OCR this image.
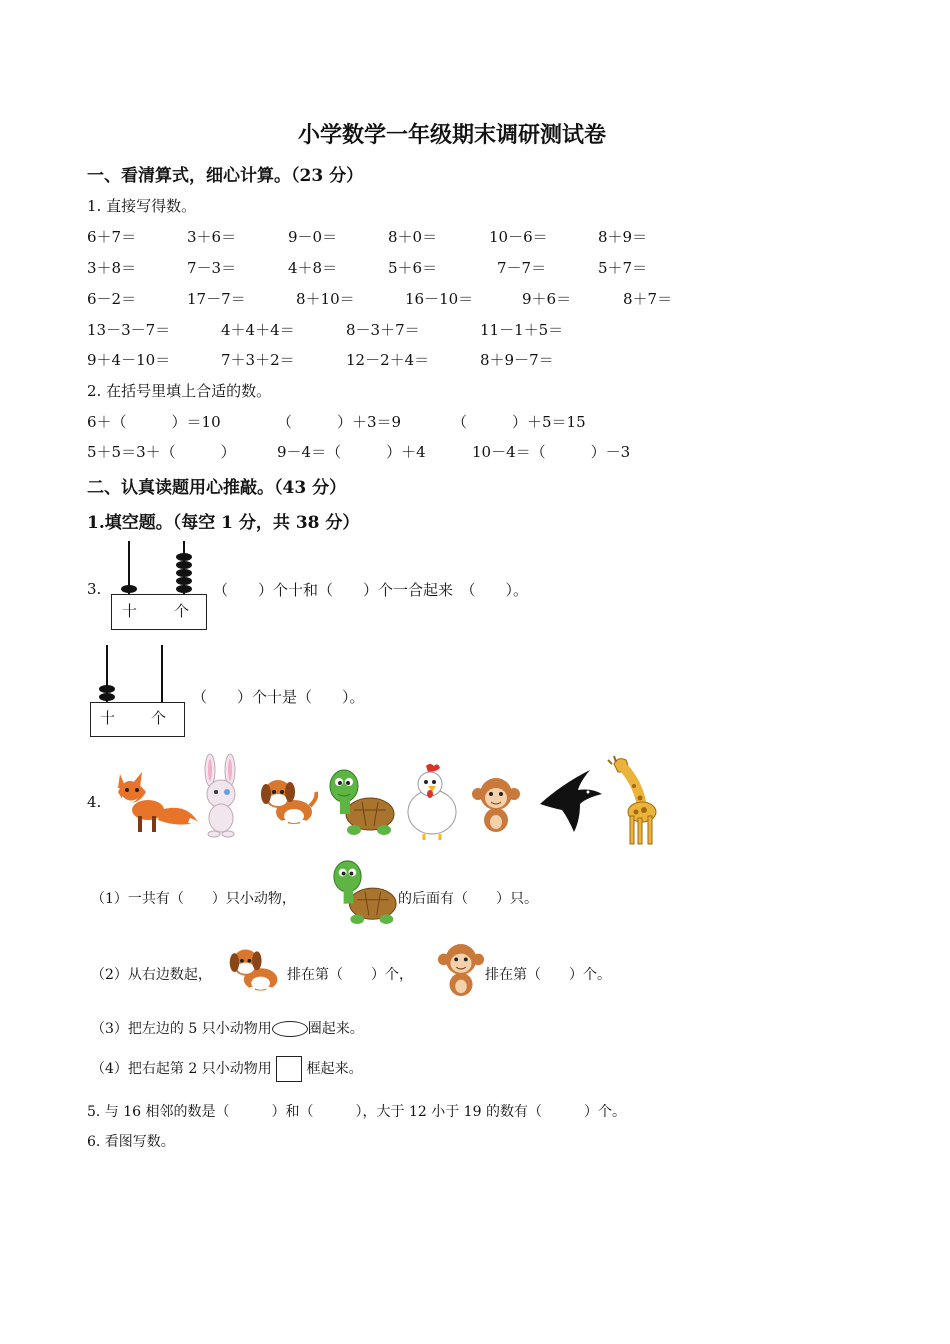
小学数学一年级期末调研测试卷
一、看清算式，细心计算。（23 分）
1. 直接写得数。
6＋7＝	3＋6＝	9－0＝	8＋0＝	10－6＝	8＋9＝
3＋8＝	7－3＝	4＋8＝	5＋6＝	7－7＝	5＋7＝
6－2＝	17－7＝	8＋10＝	16－10＝	9＋6＝	8＋7＝
13－3－7＝	4＋4＋4＝	8－3＋7＝	11－1＋5＝
9＋4－10＝	7＋3＋2＝	12－2＋4＝	8＋9－7＝
2. 在括号里填上合适的数。
6＋（　　　）＝10	（　　　）＋3＝9	（　　　）＋5＝15
5＋5＝3＋（　　　）	9－4＝（　　　）＋4	10－4＝（　　　）－3
二、认真读题用心推敲。（43 分）
1.填空题。（每空 1 分，共 38 分）
3.
十 个
（　　）个十和（　　）个一合起来　（　　）。
十 个
（　　）个十是（　　）。
4.
（1）一共有（　　）只小动物，	的后面有（　　）只。
（2）从右边数起，	排在第（　　）个，	排在第（　　）个。
（3）把左边的 5 只小动物用	圈起来。
（4）把右起第 2 只小动物用 框起来。
5. 与 16 相邻的数是（　　　）和（　　　），大于 12 小于 19 的数有（　　　）个。
6. 看图写数。
